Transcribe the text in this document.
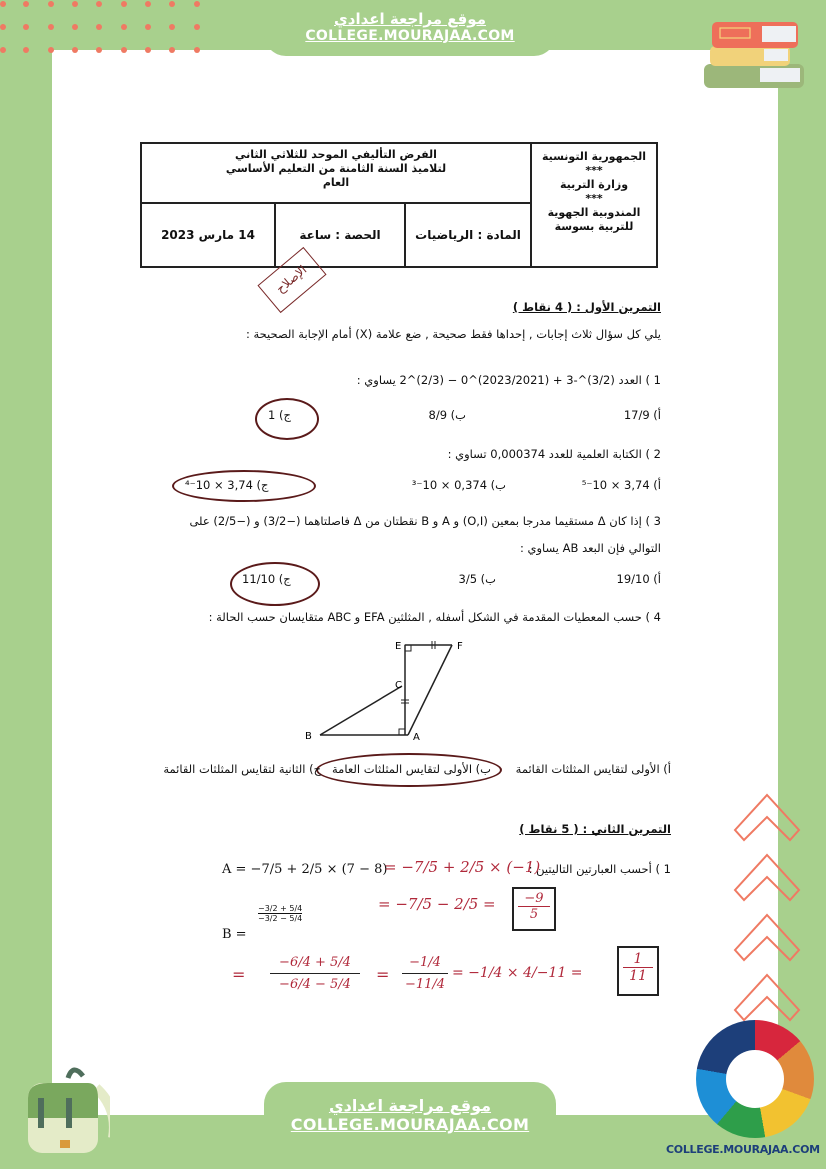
موقع مراجعة اعدادي
COLLEGE.MOURAJAA.COM
الجمهورية التونسية
***
وزارة التربية
***
المندوبية الجهوية للتربية بسوسة
الفرض التأليفي الموحد للثلاثي الثاني
لتلاميذ السنة الثامنة من التعليم الأساسي
العام
المادة : الرياضيات
الحصة : ساعة
14 مارس 2023
الإصلاح
التمرين الأول : ( 4 نقاط )
يلي كل سؤال ثلاث إجابات , إحداها فقط صحيحة , ضع علامة (X) أمام الإجابة الصحيحة :
1 ) العدد (3/2)^-3 + (2023/2021)^0 − (2/3)^2 يساوي :
أ) 17/9
ب) 8/9
ج) 1
2 ) الكتابة العلمية للعدد 0,000374 تساوي :
أ) 3,74 × 10⁻⁵
ب) 0,374 × 10⁻³
ج) 3,74 × 10⁻⁴
3 ) إذا كان Δ مستقيما مدرجا بمعين (O,I) و A و B نقطتان من Δ فاصلتاهما (−3/2) و (−2/5) على
التوالي فإن البعد AB يساوي :
أ) 19/10
ب) 3/5
ج) 11/10
4 ) حسب المعطيات المقدمة في الشكل أسفله , المثلثين EFA و ABC متقايسان حسب الحالة :
E	F
C
B	A
أ) الأولى لتقايس المثلثات القائمة
ب) الأولى لتقايس المثلثات العامة
ج) الثانية لتقايس المثلثات القائمة
التمرين الثاني : ( 5 نقاط )
1 ) أحسب العبارتين التاليتين :
A = −7/5 + 2/5 × (7 − 8)
= −7/5 + 2/5 × (−1)
= $-7/5 - 2/5 = \frac{-9}{5}$
B =
−3/2 + 5/4
−3/2 − 5/4
=
−6/4 + 5/4
−6/4 − 5/4
=
−1/4
−11/4
= $-1/4 \times 4/-11 = \frac{1}{11}$
COLLEGE.MOURAJAA.COM
موقع مراجعة اعدادي
COLLEGE.MOURAJAA.COM
